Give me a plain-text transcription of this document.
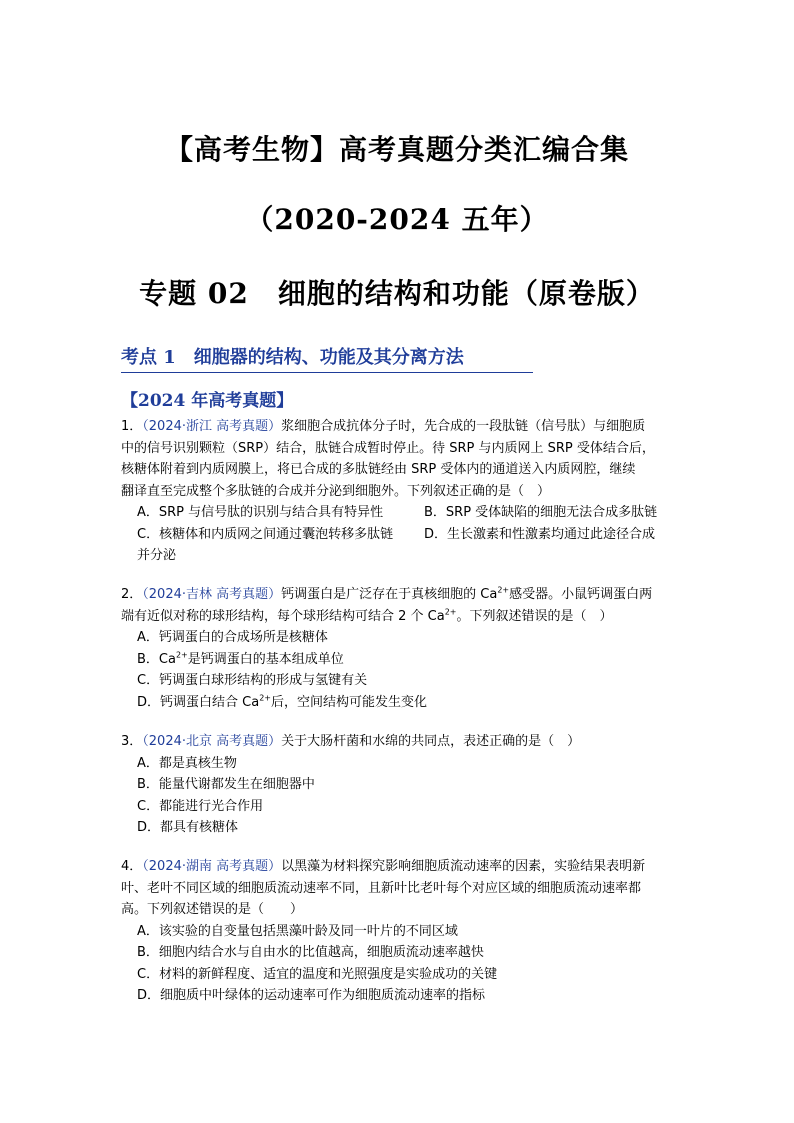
【高考生物】高考真题分类汇编合集
（2020-2024 五年）
专题 02　细胞的结构和功能（原卷版）
考点 1 细胞器的结构、功能及其分离方法
【2024 年高考真题】

1．（2024·浙江 高考真题）浆细胞合成抗体分子时，先合成的一段肽链（信号肽）与细胞质

中的信号识别颗粒（SRP）结合，肽链合成暂时停止。待 SRP 与内质网上 SRP 受体结合后，

核糖体附着到内质网膜上，将已合成的多肽链经由 SRP 受体内的通道送入内质网腔，继续

翻译直至完成整个多肽链的合成并分泌到细胞外。下列叙述正确的是（　）

A．SRP 与信号肽的识别与结合具有特异性	B．SRP 受体缺陷的细胞无法合成多肽链

C．核糖体和内质网之间通过囊泡转移多肽链	D．生长激素和性激素均通过此途径合成

并分泌

2．（2024·吉林 高考真题）钙调蛋白是广泛存在于真核细胞的 $Ca^{2+}$感受器。小鼠钙调蛋白两

端有近似对称的球形结构，每个球形结构可结合 2 个 $Ca^{2+}$。下列叙述错误的是（　）

A．钙调蛋白的合成场所是核糖体

B．$Ca^{2+}$是钙调蛋白的基本组成单位

C．钙调蛋白球形结构的形成与氢键有关

D．钙调蛋白结合 $Ca^{2+}$后，空间结构可能发生变化

3．（2024·北京 高考真题）关于大肠杆菌和水绵的共同点，表述正确的是（　）

A．都是真核生物

B．能量代谢都发生在细胞器中

C．都能进行光合作用

D．都具有核糖体

4．（2024·湖南 高考真题）以黑藻为材料探究影响细胞质流动速率的因素，实验结果表明新

叶、老叶不同区域的细胞质流动速率不同，且新叶比老叶每个对应区域的细胞质流动速率都

高。下列叙述错误的是（　　）

A．该实验的自变量包括黑藻叶龄及同一叶片的不同区域

B．细胞内结合水与自由水的比值越高，细胞质流动速率越快

C．材料的新鲜程度、适宜的温度和光照强度是实验成功的关键

D．细胞质中叶绿体的运动速率可作为细胞质流动速率的指标
